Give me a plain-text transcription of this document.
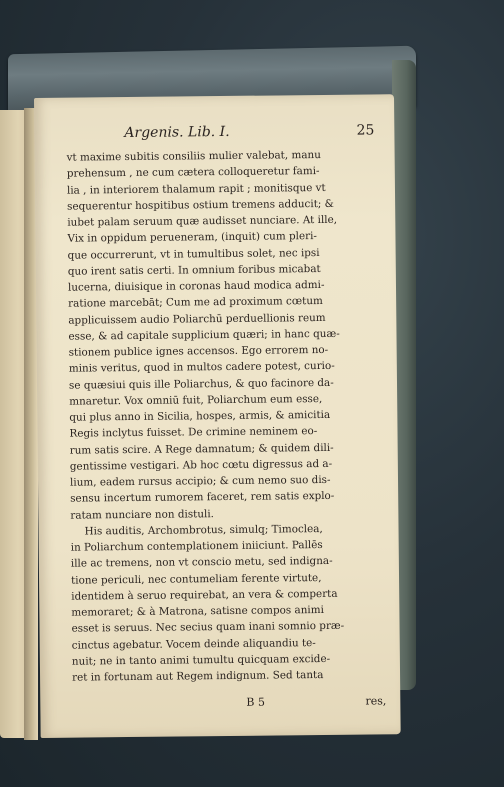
Argenis. Lib. I.	25
vt maxime subitis consiliis mulier valebat, manu
prehensum , ne cum cætera colloqueretur fami-
lia , in interiorem thalamum rapit ; monitisque vt
sequerentur hospitibus ostium tremens adducit; &
iubet palam seruum quæ audisset nunciare. At ille,
Vix in oppidum perueneram, (inquit) cum pleri-
que occurrerunt, vt in tumultibus solet, nec ipsi
quo irent satis certi. In omnium foribus micabat
lucerna, diuisique in coronas haud modica admi-
ratione marcebāt; Cum me ad proximum cœtum
applicuissem audio Poliarchū perduellionis reum
esse, & ad capitale supplicium quæri; in hanc quæ-
stionem publice ignes accensos. Ego errorem no-
minis veritus, quod in multos cadere potest, curio-
se quæsiui quis ille Poliarchus, & quo facinore da-
mnaretur. Vox omniū fuit, Poliarchum eum esse,
qui plus anno in Sicilia, hospes, armis, & amicitia
Regis inclytus fuisset. De crimine neminem eo-
rum satis scire. A Rege damnatum; & quidem dili-
gentissime vestigari. Ab hoc cœtu digressus ad a-
lium, eadem rursus accipio; & cum nemo suo dis-
sensu incertum rumorem faceret, rem satis explo-
ratam nunciare non distuli.
His auditis, Archombrotus, simulq; Timoclea,
in Poliarchum contemplationem iniiciunt. Pallēs
ille ac tremens, non vt conscio metu, sed indigna-
tione periculi, nec contumeliam ferente virtute,
identidem à seruo requirebat, an vera & comperta
memoraret; & à Matrona, satisne compos animi
esset is seruus. Nec secius quam inani somnio præ-
cinctus agebatur. Vocem deinde aliquandiu te-
nuit; ne in tanto animi tumultu quicquam excide-
ret in fortunam aut Regem indignum. Sed tanta
B 5	res,
